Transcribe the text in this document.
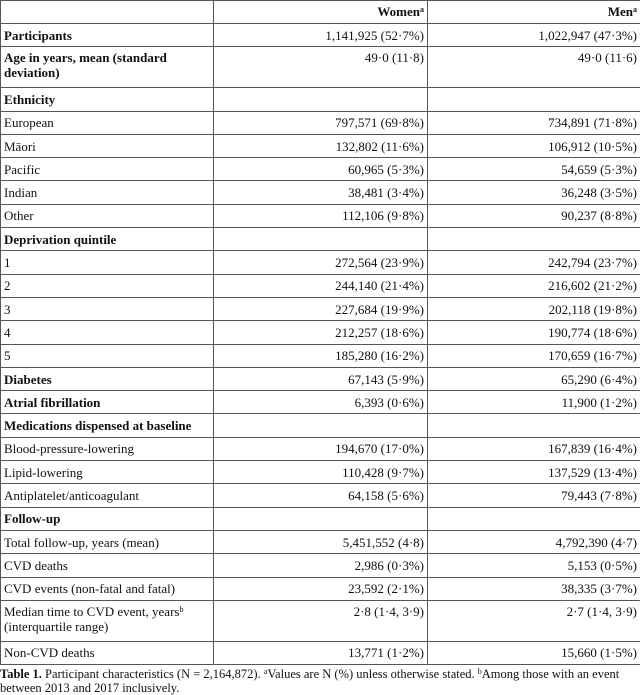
	Women$^a$	Men$^a$
Participants	1,141,925 (52·7%)	1,022,947 (47·3%)
Age in years, mean (standard deviation)	49·0 (11·8)	49·0 (11·6)
Ethnicity		
European	797,571 (69·8%)	734,891 (71·8%)
Māori	132,802 (11·6%)	106,912 (10·5%)
Pacific	60,965 (5·3%)	54,659 (5·3%)
Indian	38,481 (3·4%)	36,248 (3·5%)
Other	112,106 (9·8%)	90,237 (8·8%)
Deprivation quintile		
1	272,564 (23·9%)	242,794 (23·7%)
2	244,140 (21·4%)	216,602 (21·2%)
3	227,684 (19·9%)	202,118 (19·8%)
4	212,257 (18·6%)	190,774 (18·6%)
5	185,280 (16·2%)	170,659 (16·7%)
Diabetes	67,143 (5·9%)	65,290 (6·4%)
Atrial fibrillation	6,393 (0·6%)	11,900 (1·2%)
Medications dispensed at baseline		
Blood-pressure-lowering	194,670 (17·0%)	167,839 (16·4%)
Lipid-lowering	110,428 (9·7%)	137,529 (13·4%)
Antiplatelet/anticoagulant	64,158 (5·6%)	79,443 (7·8%)
Follow-up		
Total follow-up, years (mean)	5,451,552 (4·8)	4,792,390 (4·7)
CVD deaths	2,986 (0·3%)	5,153 (0·5%)
CVD events (non-fatal and fatal)	23,592 (2·1%)	38,335 (3·7%)
Median time to CVD event, years$^b$
(interquartile range)	2·8 (1·4, 3·9)	2·7 (1·4, 3·9)
Non-CVD deaths	13,771 (1·2%)	15,660 (1·5%)
Table 1. Participant characteristics (N = 2,164,872). $^a$Values are N (%) unless otherwise stated. $^b$Among those with an event between 2013 and 2017 inclusively.
